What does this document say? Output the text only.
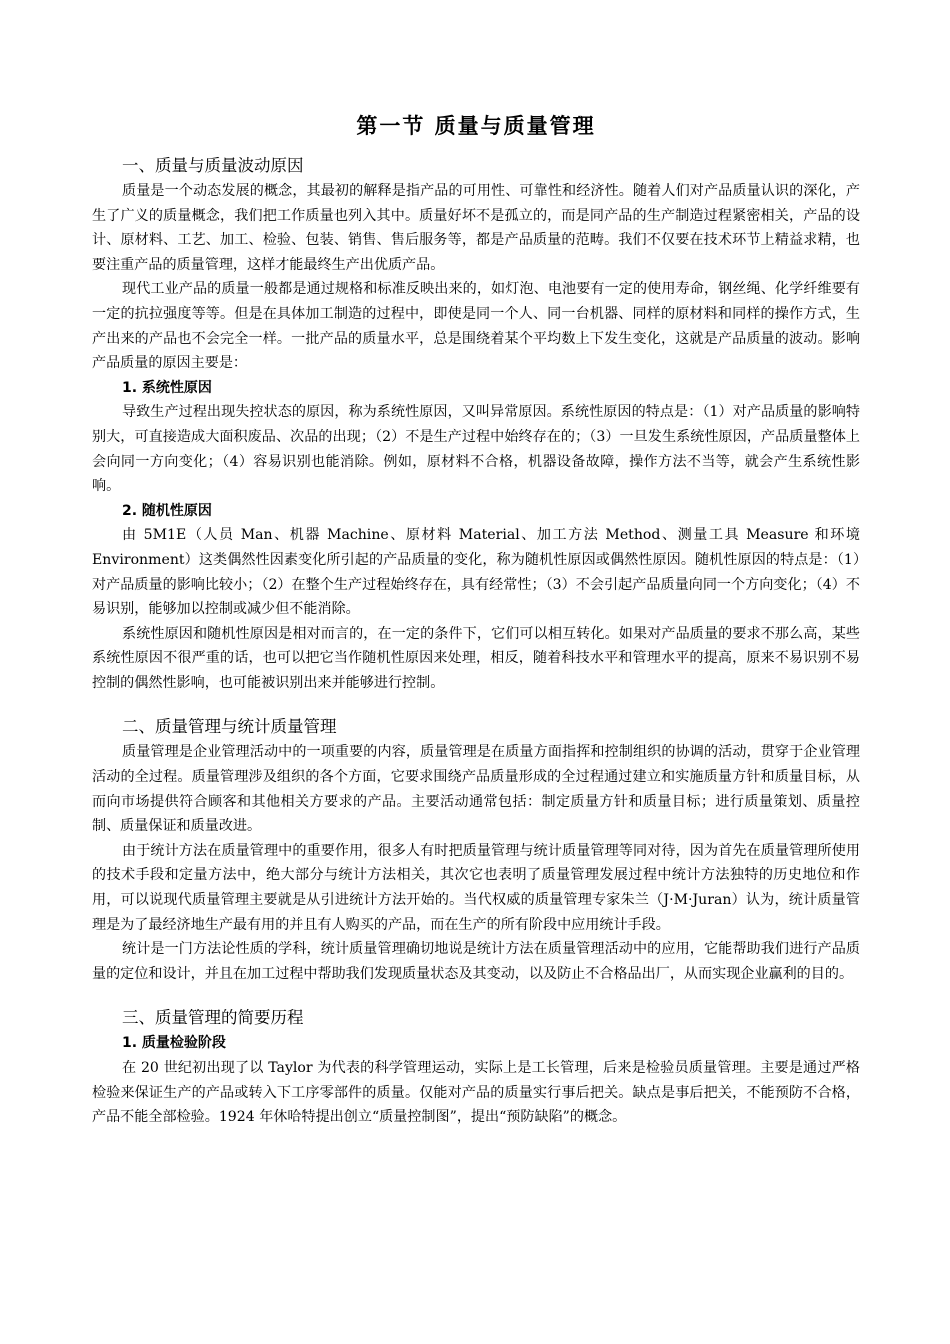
第一节 质量与质量管理
一、质量与质量波动原因

质量是一个动态发展的概念，其最初的解释是指产品的可用性、可靠性和经济性。随着人们对产品质量认识的深化，产生了广义的质量概念，我们把工作质量也列入其中。质量好坏不是孤立的，而是同产品的生产制造过程紧密相关，产品的设计、原材料、工艺、加工、检验、包装、销售、售后服务等，都是产品质量的范畴。我们不仅要在技术环节上精益求精，也要注重产品的质量管理，这样才能最终生产出优质产品。

现代工业产品的质量一般都是通过规格和标准反映出来的，如灯泡、电池要有一定的使用寿命，钢丝绳、化学纤维要有一定的抗拉强度等等。但是在具体加工制造的过程中，即使是同一个人、同一台机器、同样的原材料和同样的操作方式，生产出来的产品也不会完全一样。一批产品的质量水平，总是围绕着某个平均数上下发生变化，这就是产品质量的波动。影响产品质量的原因主要是：

1. 系统性原因

导致生产过程出现失控状态的原因，称为系统性原因，又叫异常原因。系统性原因的特点是：（1）对产品质量的影响特别大，可直接造成大面积废品、次品的出现；（2）不是生产过程中始终存在的；（3）一旦发生系统性原因，产品质量整体上会向同一方向变化；（4）容易识别也能消除。例如，原材料不合格，机器设备故障，操作方法不当等，就会产生系统性影响。

2. 随机性原因

由 5M1E（人员 Man、机器 Machine、原材料 Material、加工方法 Method、测量工具 Measure 和环境 Environment）这类偶然性因素变化所引起的产品质量的变化，称为随机性原因或偶然性原因。随机性原因的特点是：（1）对产品质量的影响比较小；（2）在整个生产过程始终存在，具有经常性；（3）不会引起产品质量向同一个方向变化；（4）不易识别，能够加以控制或减少但不能消除。

系统性原因和随机性原因是相对而言的，在一定的条件下，它们可以相互转化。如果对产品质量的要求不那么高，某些系统性原因不很严重的话，也可以把它当作随机性原因来处理，相反，随着科技水平和管理水平的提高，原来不易识别不易控制的偶然性影响，也可能被识别出来并能够进行控制。

二、质量管理与统计质量管理

质量管理是企业管理活动中的一项重要的内容，质量管理是在质量方面指挥和控制组织的协调的活动，贯穿于企业管理活动的全过程。质量管理涉及组织的各个方面，它要求围绕产品质量形成的全过程通过建立和实施质量方针和质量目标，从而向市场提供符合顾客和其他相关方要求的产品。主要活动通常包括：制定质量方针和质量目标；进行质量策划、质量控制、质量保证和质量改进。

由于统计方法在质量管理中的重要作用，很多人有时把质量管理与统计质量管理等同对待，因为首先在质量管理所使用的技术手段和定量方法中，绝大部分与统计方法相关，其次它也表明了质量管理发展过程中统计方法独特的历史地位和作用，可以说现代质量管理主要就是从引进统计方法开始的。当代权威的质量管理专家朱兰（J·M·Juran）认为，统计质量管理是为了最经济地生产最有用的并且有人购买的产品，而在生产的所有阶段中应用统计手段。

统计是一门方法论性质的学科，统计质量管理确切地说是统计方法在质量管理活动中的应用，它能帮助我们进行产品质量的定位和设计，并且在加工过程中帮助我们发现质量状态及其变动，以及防止不合格品出厂，从而实现企业赢利的目的。

三、质量管理的简要历程
1. 质量检验阶段

在 20 世纪初出现了以 Taylor 为代表的科学管理运动，实际上是工长管理，后来是检验员质量管理。主要是通过严格检验来保证生产的产品或转入下工序零部件的质量。仅能对产品的质量实行事后把关。缺点是事后把关，不能预防不合格，产品不能全部检验。1924 年休哈特提出创立“质量控制图”，提出“预防缺陷”的概念。
